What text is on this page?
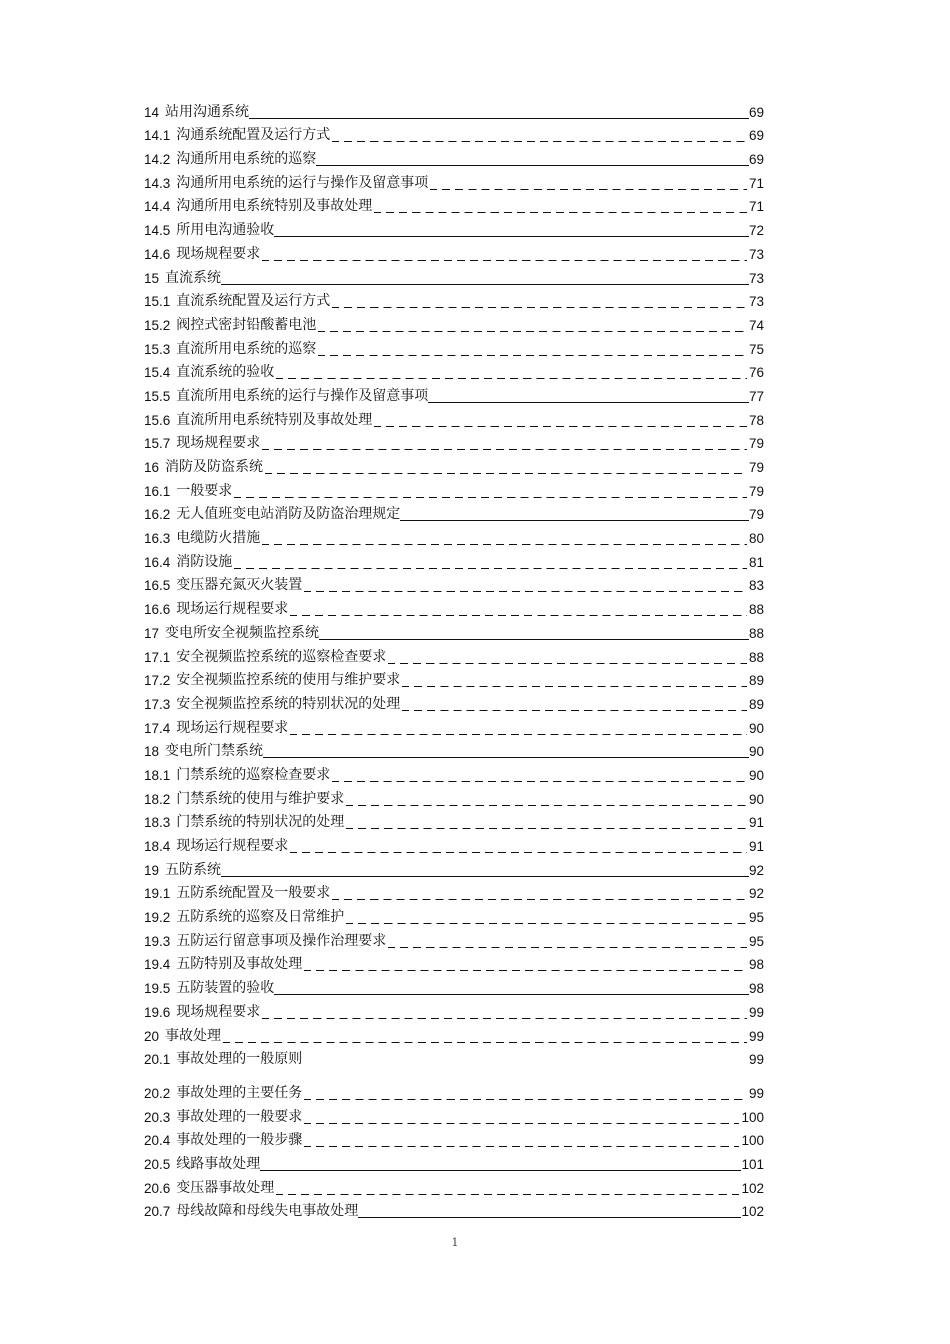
14 站用沟通系统	69
14.1 沟通系统配置及运行方式	69
14.2 沟通所用电系统的巡察	69
14.3 沟通所用电系统的运行与操作及留意事项	71
14.4 沟通所用电系统特别及事故处理	71
14.5 所用电沟通验收	72
14.6 现场规程要求	73
15 直流系统	73
15.1 直流系统配置及运行方式	73
15.2 阀控式密封铅酸蓄电池	74
15.3 直流所用电系统的巡察	75
15.4 直流系统的验收	76
15.5 直流所用电系统的运行与操作及留意事项	77
15.6 直流所用电系统特别及事故处理	78
15.7 现场规程要求	79
16 消防及防盗系统	79
16.1 一般要求	79
16.2 无人值班变电站消防及防盗治理规定	79
16.3 电缆防火措施	80
16.4 消防设施	81
16.5 变压器充氮灭火装置	83
16.6 现场运行规程要求	88
17 变电所安全视频监控系统	88
17.1 安全视频监控系统的巡察检查要求	88
17.2 安全视频监控系统的使用与维护要求	89
17.3 安全视频监控系统的特别状况的处理	89
17.4 现场运行规程要求	90
18 变电所门禁系统	90
18.1 门禁系统的巡察检查要求	90
18.2 门禁系统的使用与维护要求	90
18.3 门禁系统的特别状况的处理	91
18.4 现场运行规程要求	91
19 五防系统	92
19.1 五防系统配置及一般要求	92
19.2 五防系统的巡察及日常维护	95
19.3 五防运行留意事项及操作治理要求	95
19.4 五防特别及事故处理	98
19.5 五防装置的验收	98
19.6 现场规程要求	99
20 事故处理	99
20.1 事故处理的一般原则	99
20.2 事故处理的主要任务	99
20.3 事故处理的一般要求	100
20.4 事故处理的一般步骤	100
20.5 线路事故处理	101
20.6 变压器事故处理	102
20.7 母线故障和母线失电事故处理	102
1
